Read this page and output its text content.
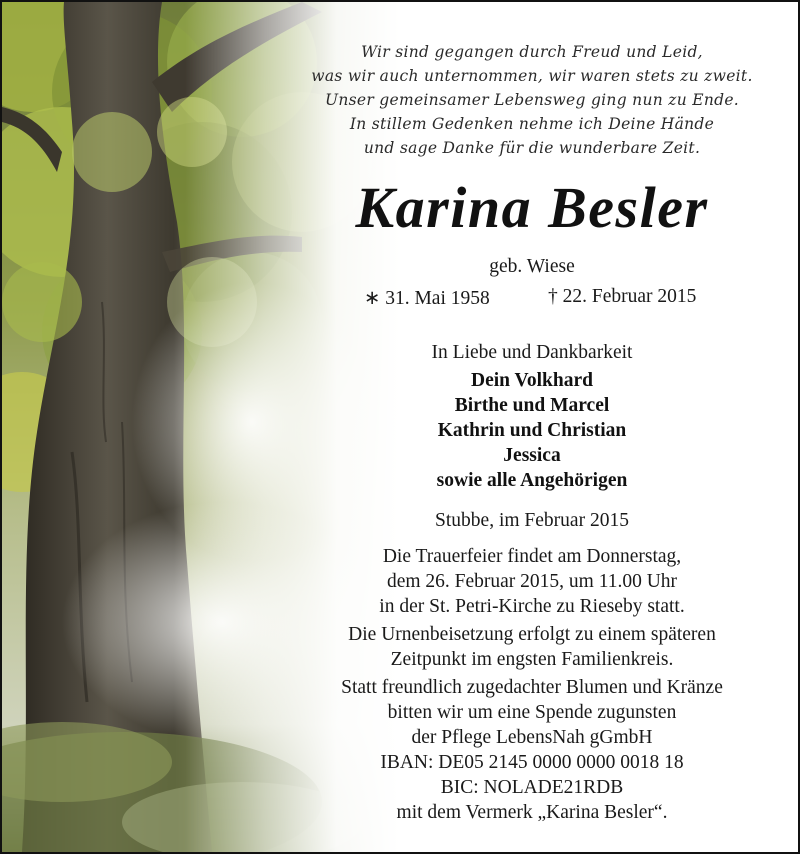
Wir sind gegangen durch Freud und Leid,
was wir auch unternommen, wir waren stets zu zweit.
Unser gemeinsamer Lebensweg ging nun zu Ende.
In stillem Gedenken nehme ich Deine Hände
und sage Danke für die wunderbare Zeit.
Karina Besler
geb. Wiese
∗ 31. Mai 1958	† 22. Februar 2015
In Liebe und Dankbarkeit
Dein Volkhard
Birthe und Marcel
Kathrin und Christian
Jessica
sowie alle Angehörigen
Stubbe, im Februar 2015
Die Trauerfeier findet am Donnerstag,
dem 26. Februar 2015, um 11.00 Uhr
in der St. Petri-Kirche zu Rieseby statt.
Die Urnenbeisetzung erfolgt zu einem späteren
Zeitpunkt im engsten Familienkreis.
Statt freundlich zugedachter Blumen und Kränze
bitten wir um eine Spende zugunsten
der Pflege LebensNah gGmbH
IBAN: DE05 2145 0000 0000 0018 18
BIC: NOLADE21RDB
mit dem Vermerk „Karina Besler“.
